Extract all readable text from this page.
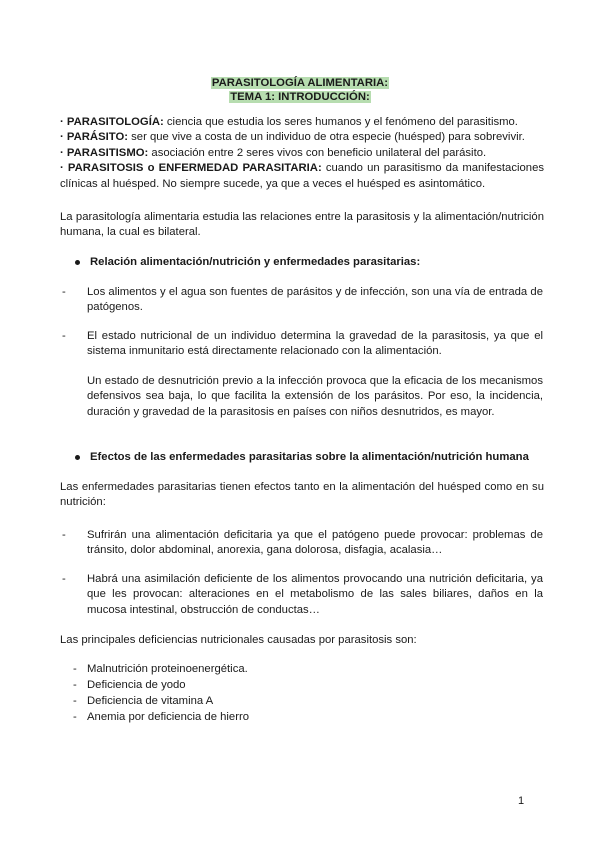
PARASITOLOGÍA ALIMENTARIA:
TEMA 1: INTRODUCCIÓN:
· PARASITOLOGÍA: ciencia que estudia los seres humanos y el fenómeno del parasitismo.
· PARÁSITO: ser que vive a costa de un individuo de otra especie (huésped) para sobrevivir.
· PARASITISMO: asociación entre 2 seres vivos con beneficio unilateral del parásito.
· PARASITOSIS o ENFERMEDAD PARASITARIA: cuando un parasitismo da manifestaciones clínicas al huésped. No siempre sucede, ya que a veces el huésped es asintomático.
La parasitología alimentaria estudia las relaciones entre la parasitosis y la alimentación/nutrición humana, la cual es bilateral.
Relación alimentación/nutrición y enfermedades parasitarias:
- Los alimentos y el agua son fuentes de parásitos y de infección, son una vía de entrada de patógenos.
- El estado nutricional de un individuo determina la gravedad de la parasitosis, ya que el sistema inmunitario está directamente relacionado con la alimentación.
Un estado de desnutrición previo a la infección provoca que la eficacia de los mecanismos defensivos sea baja, lo que facilita la extensión de los parásitos. Por eso, la incidencia, duración y gravedad de la parasitosis en países con niños desnutridos, es mayor.
Efectos de las enfermedades parasitarias sobre la alimentación/nutrición humana
Las enfermedades parasitarias tienen efectos tanto en la alimentación del huésped como en su nutrición:
- Sufrirán una alimentación deficitaria ya que el patógeno puede provocar: problemas de tránsito, dolor abdominal, anorexia, gana dolorosa, disfagia, acalasia…
- Habrá una asimilación deficiente de los alimentos provocando una nutrición deficitaria, ya que les provocan: alteraciones en el metabolismo de las sales biliares, daños en la mucosa intestinal, obstrucción de conductas…
Las principales deficiencias nutricionales causadas por parasitosis son:
- Malnutrición proteinoenergética.
- Deficiencia de yodo
- Deficiencia de vitamina A
- Anemia por deficiencia de hierro
1
